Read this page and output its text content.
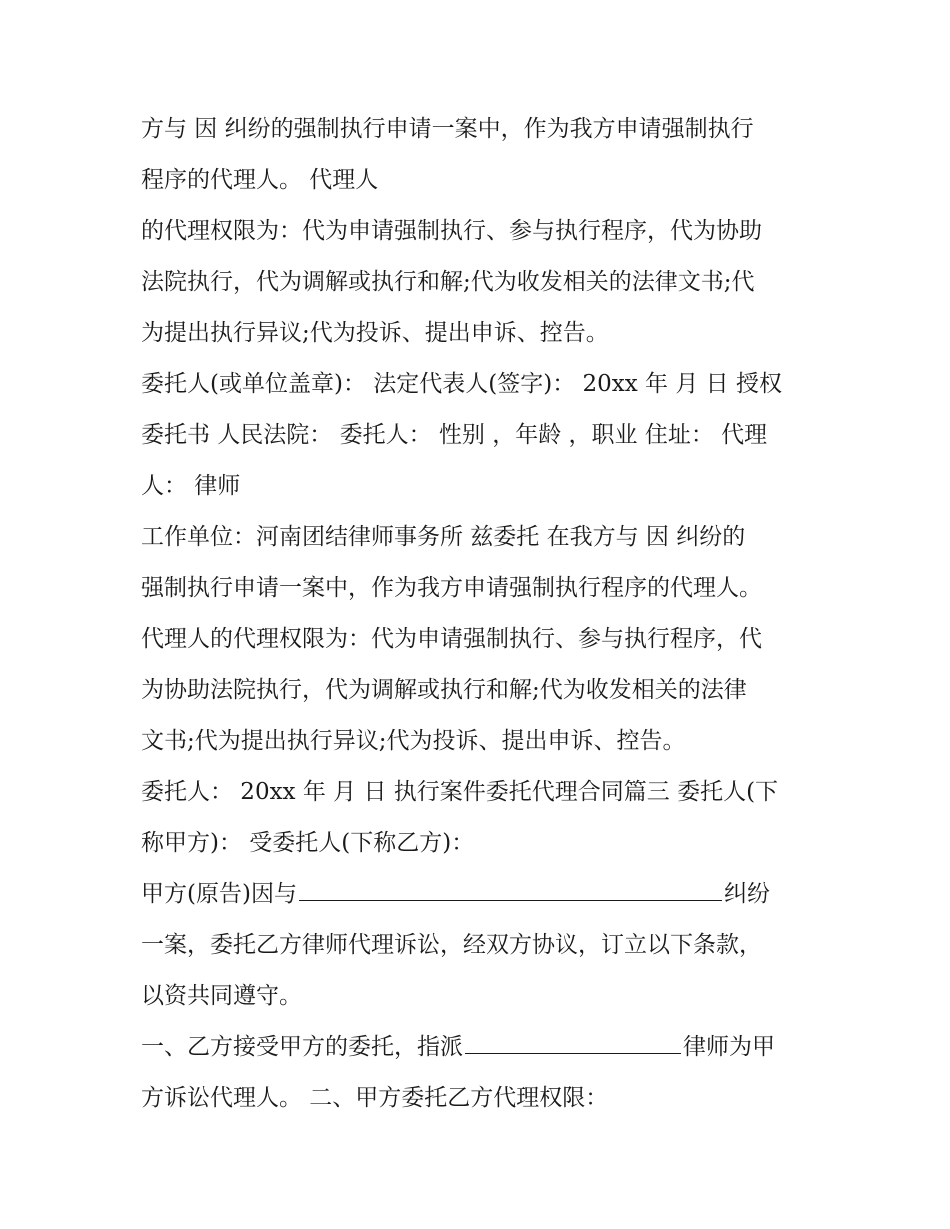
方与 因 纠纷的强制执行申请一案中，作为我方申请强制执行
程序的代理人。 代理人
的代理权限为：代为申请强制执行、参与执行程序，代为协助
法院执行，代为调解或执行和解;代为收发相关的法律文书;代
为提出执行异议;代为投诉、提出申诉、控告。
委托人(或单位盖章)： 法定代表人(签字)： 20xx 年 月 日 授权
委托书 人民法院： 委托人： 性别 ，年龄 ，职业 住址： 代理
人： 律师
工作单位：河南团结律师事务所 兹委托 在我方与 因 纠纷的
强制执行申请一案中，作为我方申请强制执行程序的代理人。
代理人的代理权限为：代为申请强制执行、参与执行程序，代
为协助法院执行，代为调解或执行和解;代为收发相关的法律
文书;代为提出执行异议;代为投诉、提出申诉、控告。
委托人： 20xx 年 月 日 执行案件委托代理合同篇三 委托人(下
称甲方)： 受委托人(下称乙方)：
甲方(原告)因与	纠纷
一案，委托乙方律师代理诉讼，经双方协议，订立以下条款，
以资共同遵守。
一、乙方接受甲方的委托，指派	律师为甲
方诉讼代理人。 二、甲方委托乙方代理权限：
